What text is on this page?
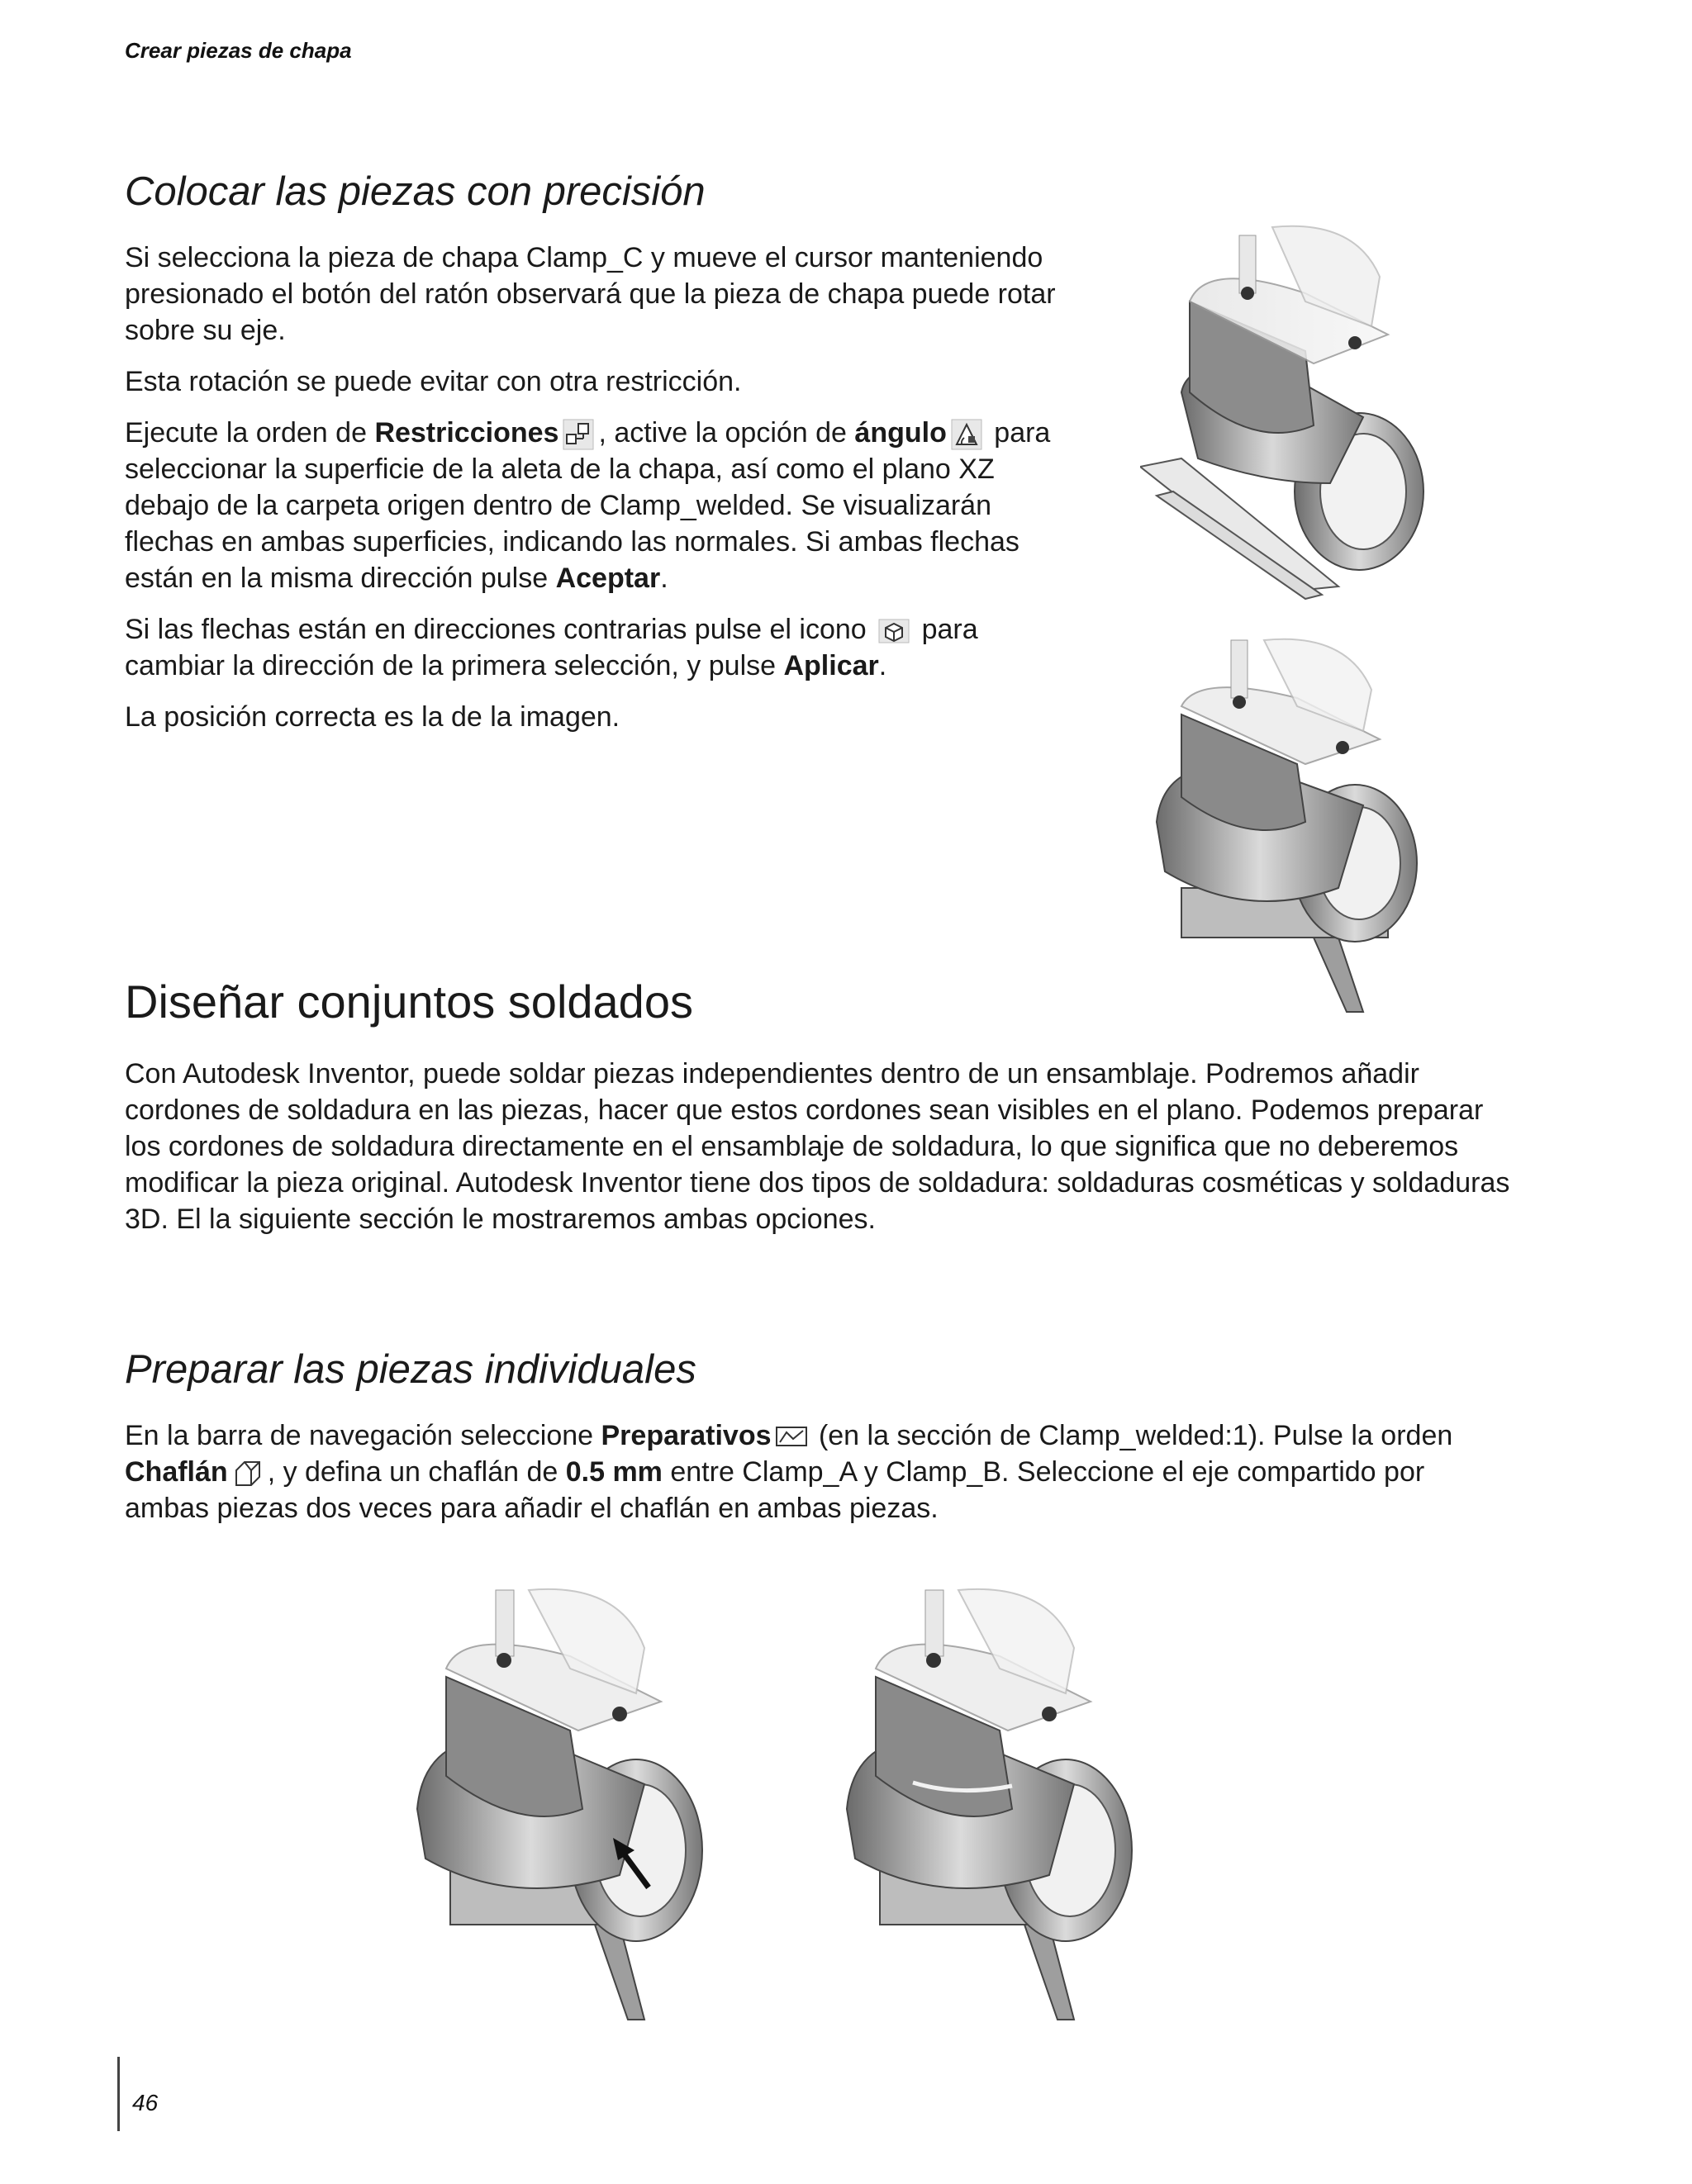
Crear piezas de chapa
Colocar las piezas con precisión

Si selecciona la pieza de chapa Clamp_C y mueve el cursor manteniendo presionado el botón del ratón observará que la pieza de chapa puede rotar sobre su eje.

Esta rotación se puede evitar con otra restricción.

Ejecute la orden de Restricciones , active la opción de ángulo
para seleccionar la superficie de la aleta de la chapa, así como el plano XZ debajo de la carpeta origen dentro de Clamp_welded. Se visualizarán flechas en ambas superficies, indicando las normales. Si ambas flechas están en la misma dirección pulse Aceptar.

Si las flechas están en direcciones contrarias pulse el icono
para cambiar la dirección de la primera selección, y pulse Aplicar.

La posición correcta es la de la imagen.

Diseñar conjuntos soldados

Con Autodesk Inventor, puede soldar piezas independientes dentro de un ensamblaje. Podremos añadir cordones de soldadura en las piezas, hacer que estos cordones sean visibles en el plano. Podemos preparar los cordones de soldadura directamente en el ensamblaje de soldadura, lo que significa que no deberemos modificar la pieza original. Autodesk Inventor tiene dos tipos de soldadura: soldaduras cosméticas y soldaduras 3D. El la siguiente sección le mostraremos ambas opciones.

Preparar las piezas individuales

En la barra de navegación seleccione Preparativos
(en la sección de Clamp_welded:1). Pulse la orden Chaflán , y defina un chaflán de 0.5 mm entre Clamp_A y Clamp_B. Seleccione el eje compartido por ambas piezas dos veces para añadir el chaflán en ambas piezas.

46
